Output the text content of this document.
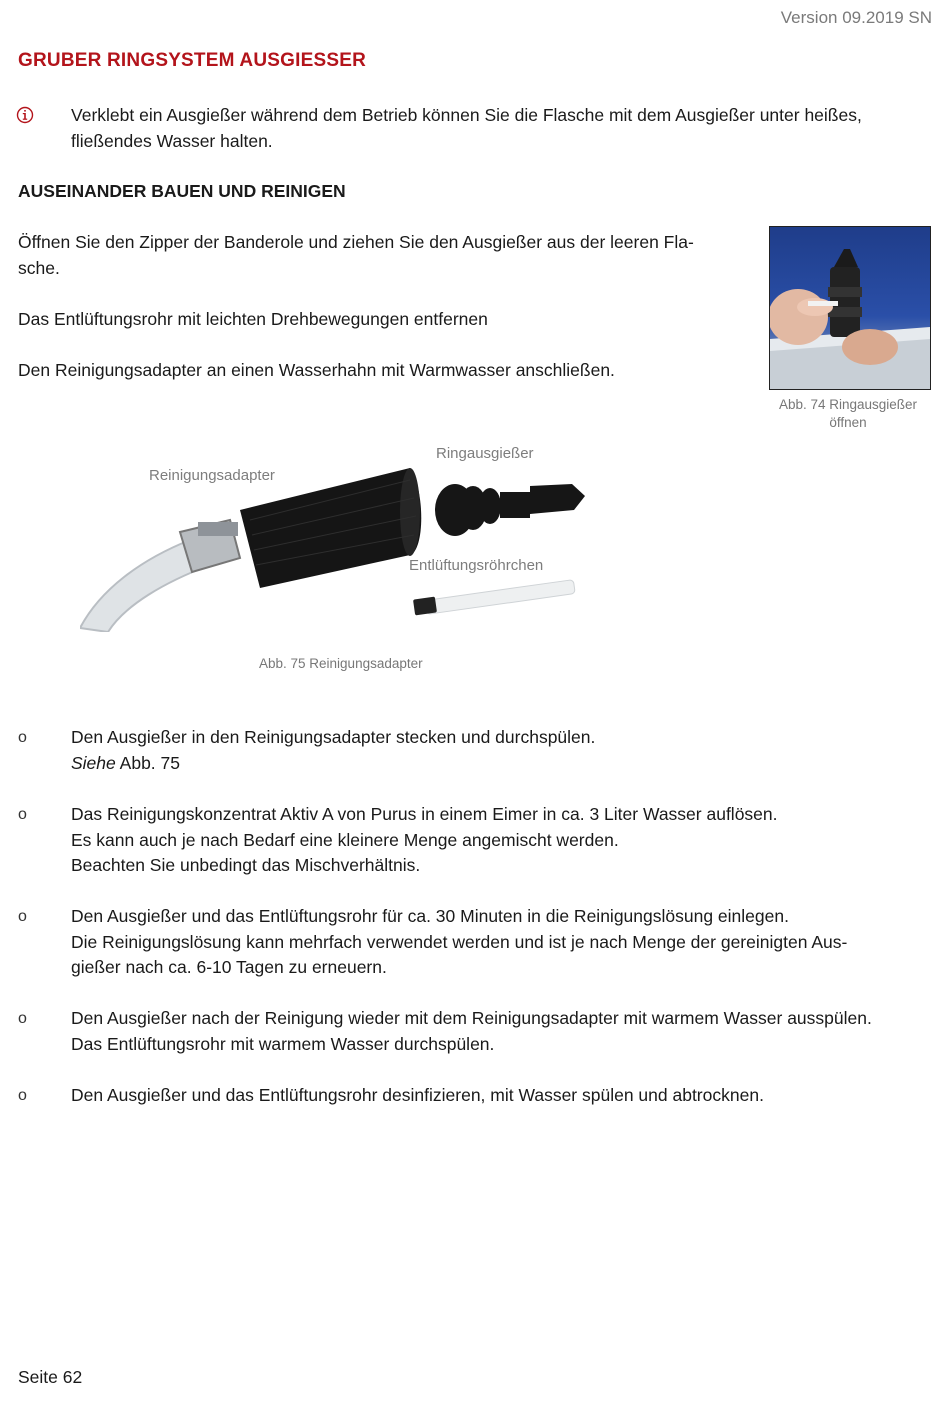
Version 09.2019 SN
GRUBER RINGSYSTEM AUSGIESSER
Verklebt ein Ausgießer während dem Betrieb können Sie die Flasche mit dem Ausgießer unter heißes,
fließendes Wasser halten.
AUSEINANDER BAUEN UND REINIGEN
Öffnen Sie den Zipper der Banderole und ziehen Sie den Ausgießer aus der leeren Fla-
sche.
Das Entlüftungsrohr mit leichten Drehbewegungen entfernen
Den Reinigungsadapter an einen Wasserhahn mit Warmwasser anschließen.
Abb. 74 Ringausgießer
öffnen
Reinigungsadapter
Ringausgießer
Entlüftungsröhrchen
Abb. 75 Reinigungsadapter
o	Den Ausgießer in den Reinigungsadapter stecken und durchspülen.
Siehe Abb. 75
o	Das Reinigungskonzentrat Aktiv A von Purus in einem Eimer in ca. 3 Liter Wasser auflösen.
Es kann auch je nach Bedarf eine kleinere Menge angemischt werden.
Beachten Sie unbedingt das Mischverhältnis.
o	Den Ausgießer und das Entlüftungsrohr für ca. 30 Minuten in die Reinigungslösung einlegen.
Die Reinigungslösung kann mehrfach verwendet werden und ist je nach Menge der gereinigten Aus-
gießer nach ca. 6-10 Tagen zu erneuern.
o	Den Ausgießer nach der Reinigung wieder mit dem Reinigungsadapter mit warmem Wasser ausspülen.
Das Entlüftungsrohr mit warmem Wasser durchspülen.
o	Den Ausgießer und das Entlüftungsrohr desinfizieren, mit Wasser spülen und abtrocknen.
Seite 62
